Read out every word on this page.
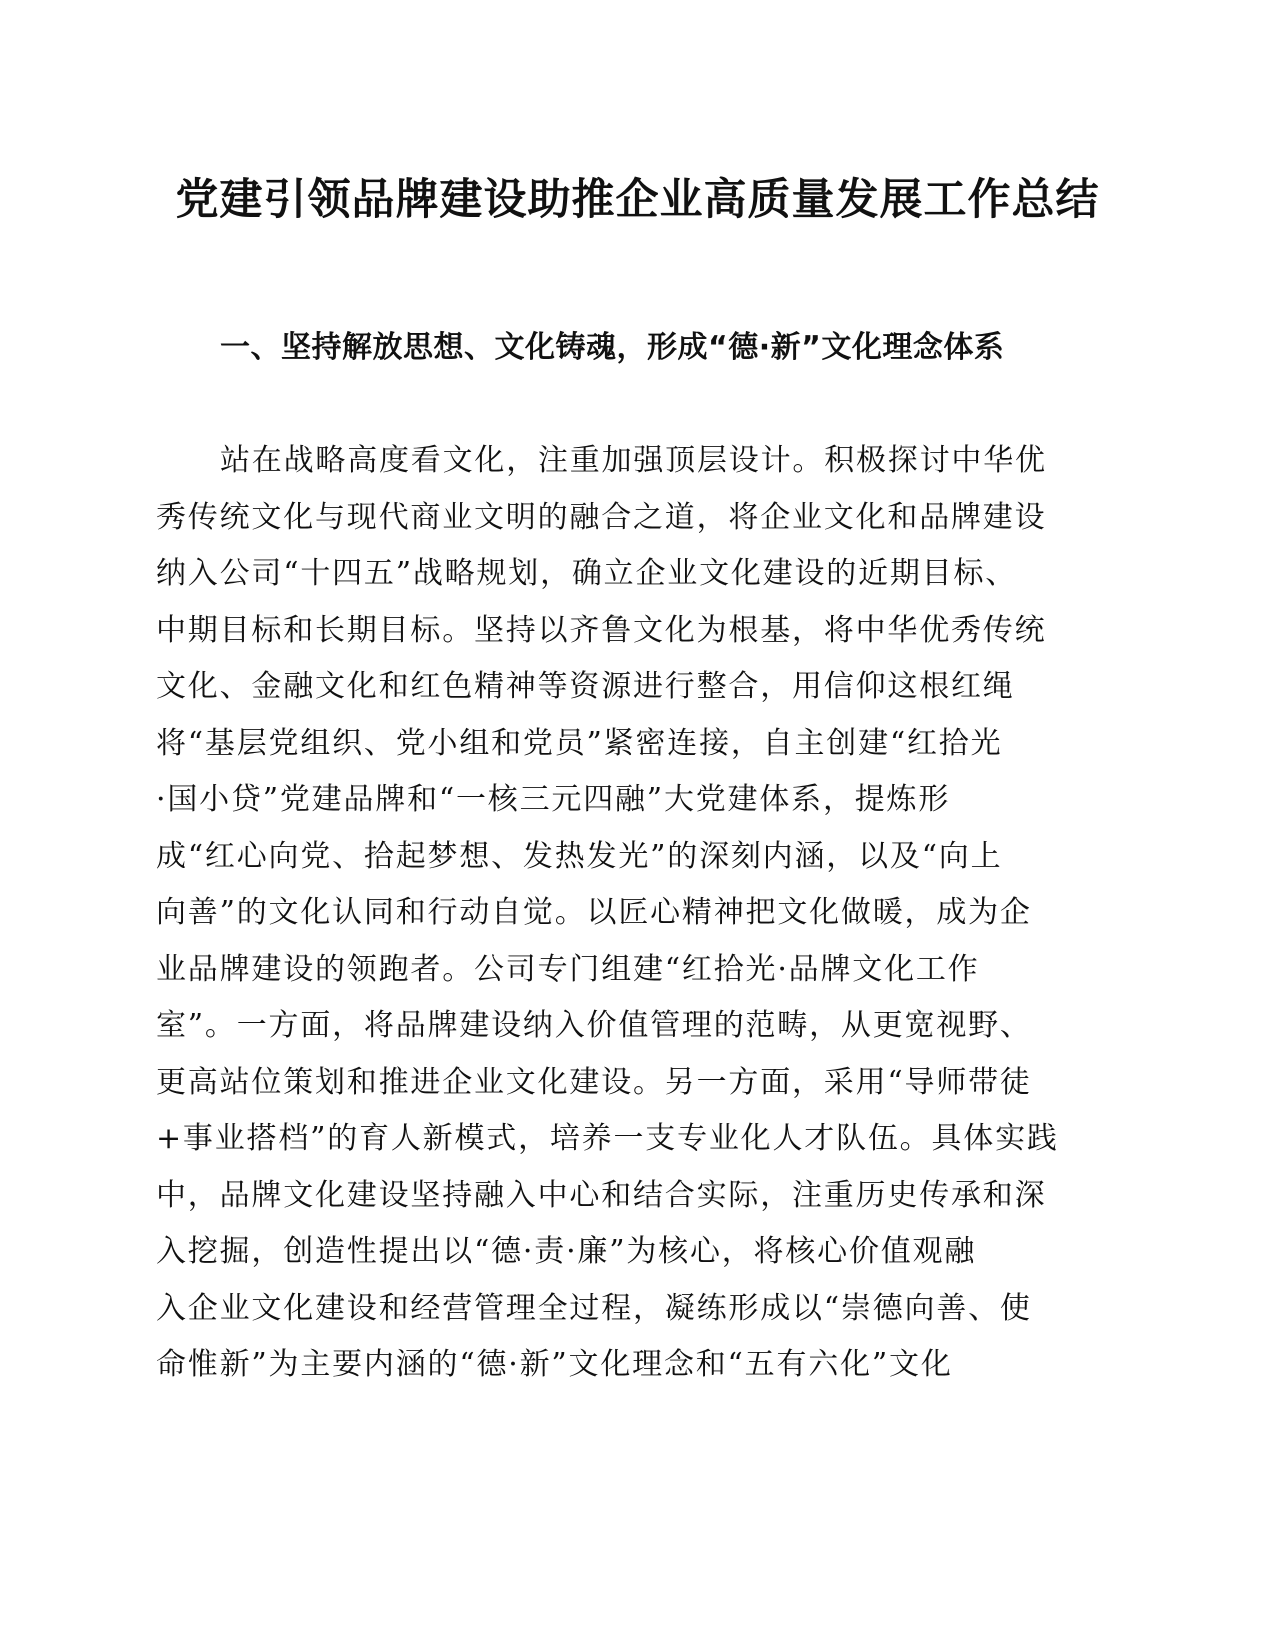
党建引领品牌建设助推企业高质量发展工作总结
一、坚持解放思想、文化铸魂，形成“德·新”文化理念体系

站在战略高度看文化，注重加强顶层设计。积极探讨中华优
秀传统文化与现代商业文明的融合之道，将企业文化和品牌建设
纳入公司“十四五”战略规划，确立企业文化建设的近期目标、
中期目标和长期目标。坚持以齐鲁文化为根基，将中华优秀传统
文化、金融文化和红色精神等资源进行整合，用信仰这根红绳
将“基层党组织、党小组和党员”紧密连接，自主创建“红拾光
·国小贷”党建品牌和“一核三元四融”大党建体系，提炼形
成“红心向党、拾起梦想、发热发光”的深刻内涵，以及“向上
向善”的文化认同和行动自觉。以匠心精神把文化做暖，成为企
业品牌建设的领跑者。公司专门组建“红拾光·品牌文化工作
室”。一方面，将品牌建设纳入价值管理的范畴，从更宽视野、
更高站位策划和推进企业文化建设。另一方面，采用“导师带徒
+事业搭档”的育人新模式，培养一支专业化人才队伍。具体实践
中，品牌文化建设坚持融入中心和结合实际，注重历史传承和深
入挖掘，创造性提出以“德·责·廉”为核心，将核心价值观融
入企业文化建设和经营管理全过程，凝练形成以“崇德向善、使
命惟新”为主要内涵的“德·新”文化理念和“五有六化”文化
